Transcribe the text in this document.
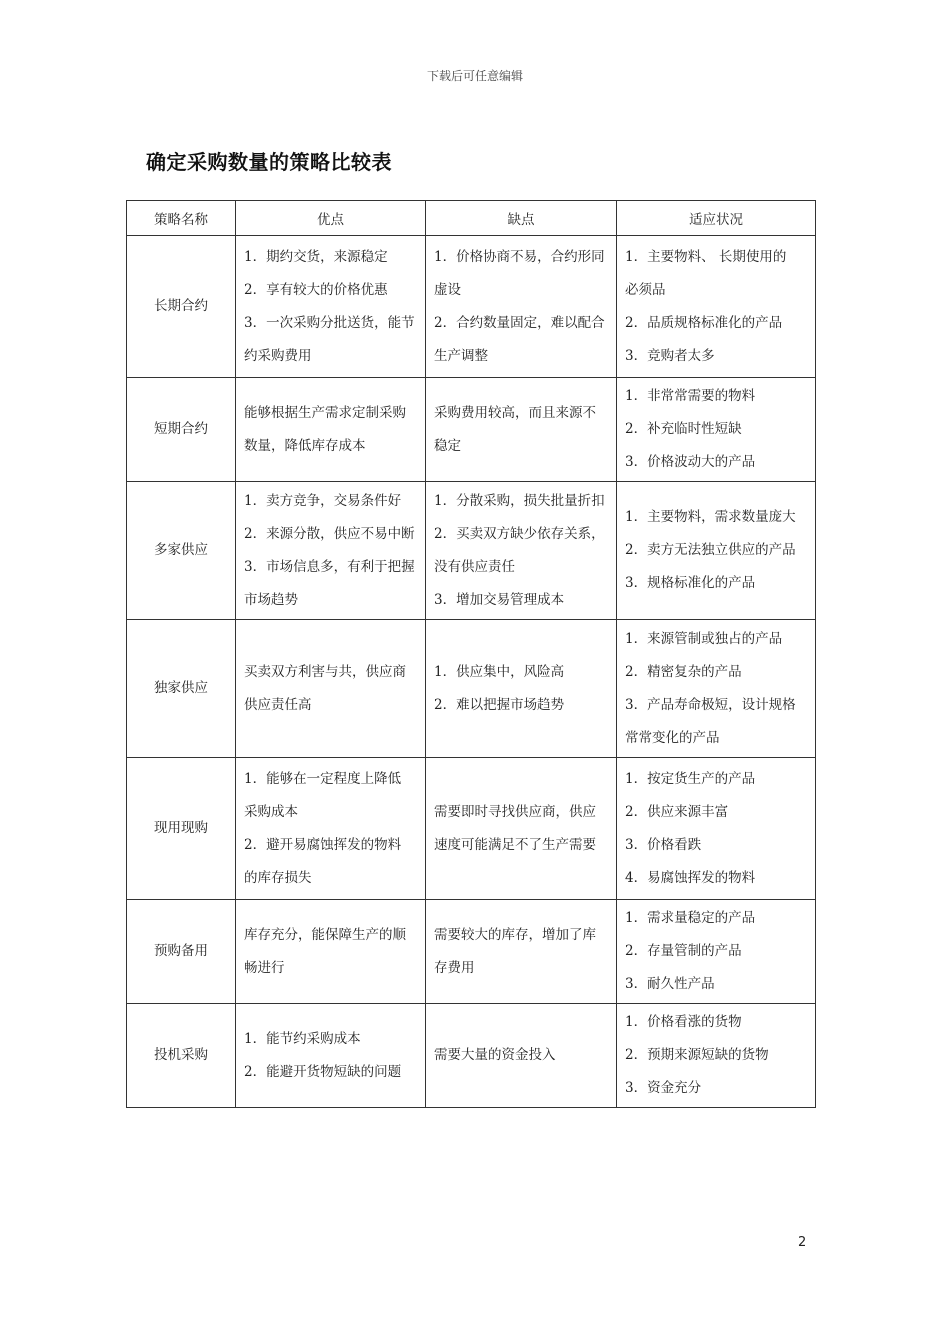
下载后可任意编辑
确定采购数量的策略比较表
策略名称	优点	缺点	适应状况
长期合约	1．期约交货，来源稳定
2．享有较大的价格优惠
3．一次采购分批送货，能节
约采购费用	1．价格协商不易，合约形同
虚设
2．合约数量固定，难以配合
生产调整	1．主要物料、 长期使用的
必须品
2．品质规格标准化的产品
3．竞购者太多

短期合约	能够根据生产需求定制采购
数量，降低库存成本	采购费用较高，而且来源不
稳定	1．非常常需要的物料
2．补充临时性短缺
3．价格波动大的产品

多家供应	1．卖方竞争，交易条件好
2．来源分散，供应不易中断
3．市场信息多，有利于把握
市场趋势	1．分散采购，损失批量折扣
2．买卖双方缺少依存关系，
没有供应责任
3．增加交易管理成本	1．主要物料，需求数量庞大
2．卖方无法独立供应的产品
3．规格标准化的产品

独家供应	买卖双方利害与共，供应商
供应责任高	1．供应集中，风险高
2．难以把握市场趋势	1．来源管制或独占的产品
2．精密复杂的产品
3．产品寿命极短，设计规格
常常变化的产品

现用现购	1．能够在一定程度上降低
采购成本
2．避开易腐蚀挥发的物料
的库存损失	需要即时寻找供应商，供应
速度可能满足不了生产需要	1．按定货生产的产品
2．供应来源丰富
3．价格看跌
4．易腐蚀挥发的物料

预购备用	库存充分，能保障生产的顺
畅进行	需要较大的库存，增加了库
存费用	1．需求量稳定的产品
2．存量管制的产品
3．耐久性产品

投机采购	1．能节约采购成本
2．能避开货物短缺的问题	需要大量的资金投入	1．价格看涨的货物
2．预期来源短缺的货物
3．资金充分
2
